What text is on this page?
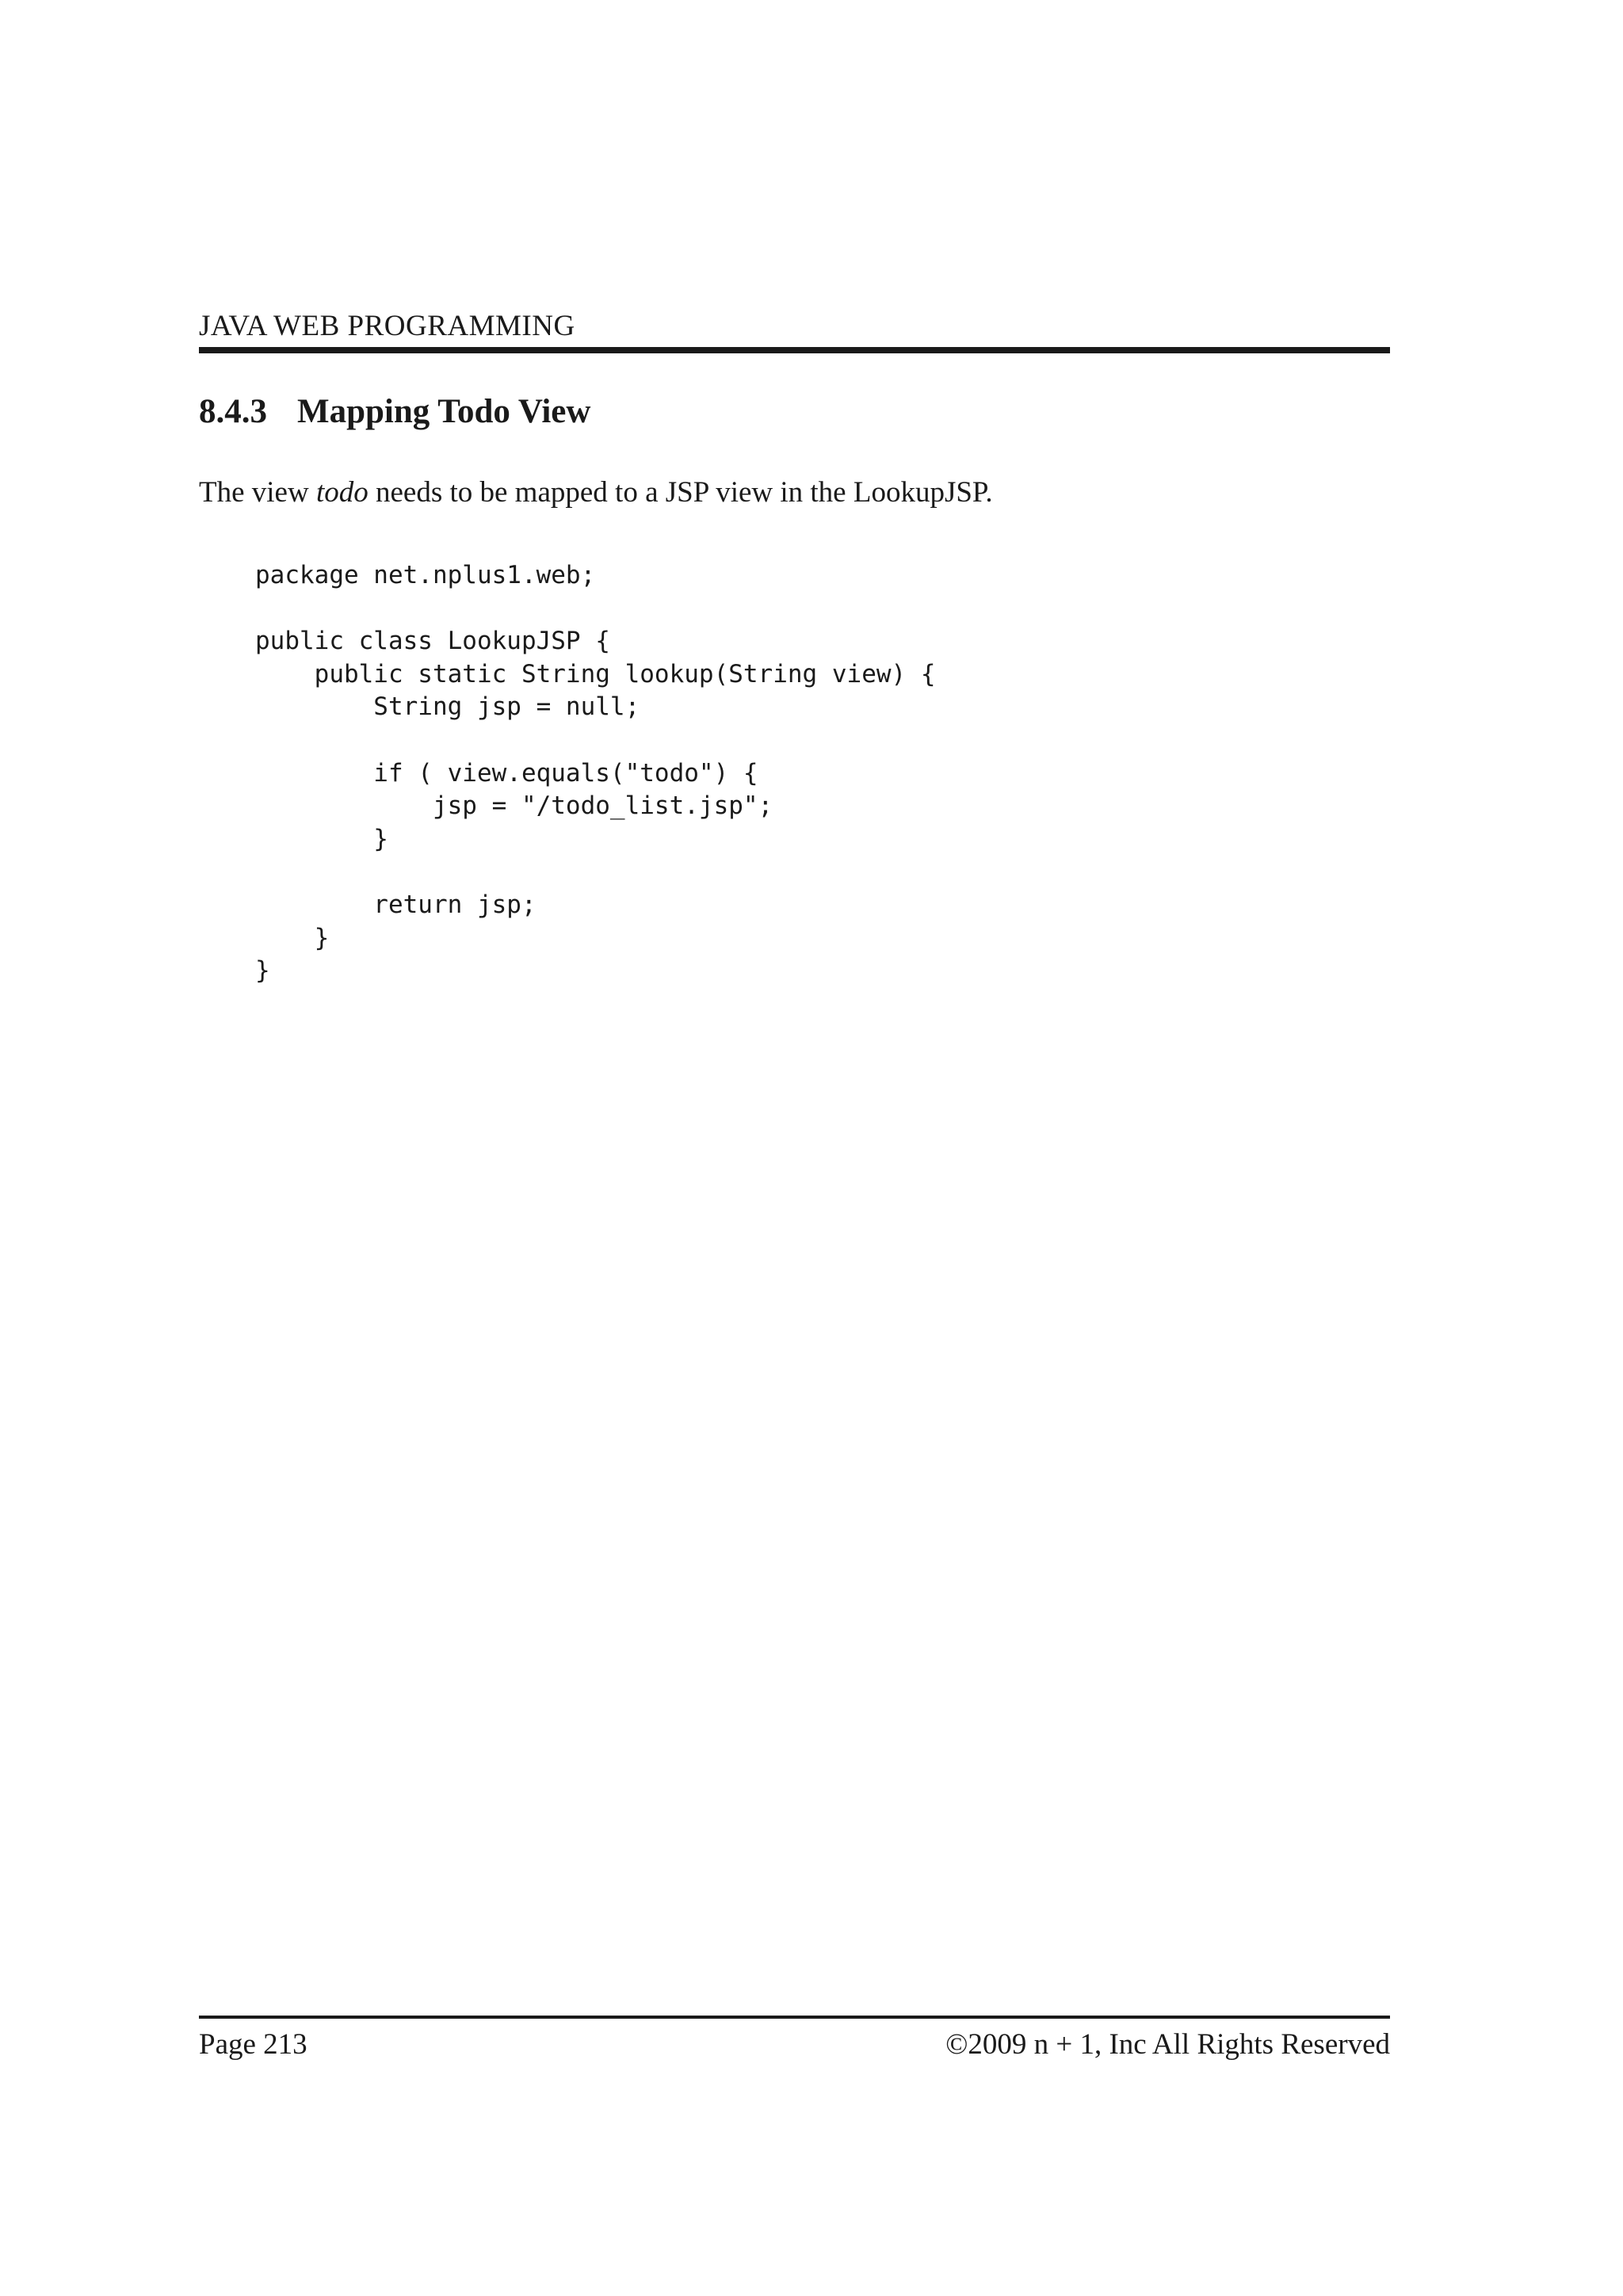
JAVA WEB PROGRAMMING
8.4.3 Mapping Todo View

The view todo needs to be mapped to a JSP view in the LookupJSP.

package net.nplus1.web;
public class LookupJSP {
public static String lookup(String view) {
String jsp = null;
if ( view.equals("todo") {
jsp = "/todo_list.jsp";
}
return jsp;
}
}
Page 213	©2009 n + 1, Inc All Rights Reserved
